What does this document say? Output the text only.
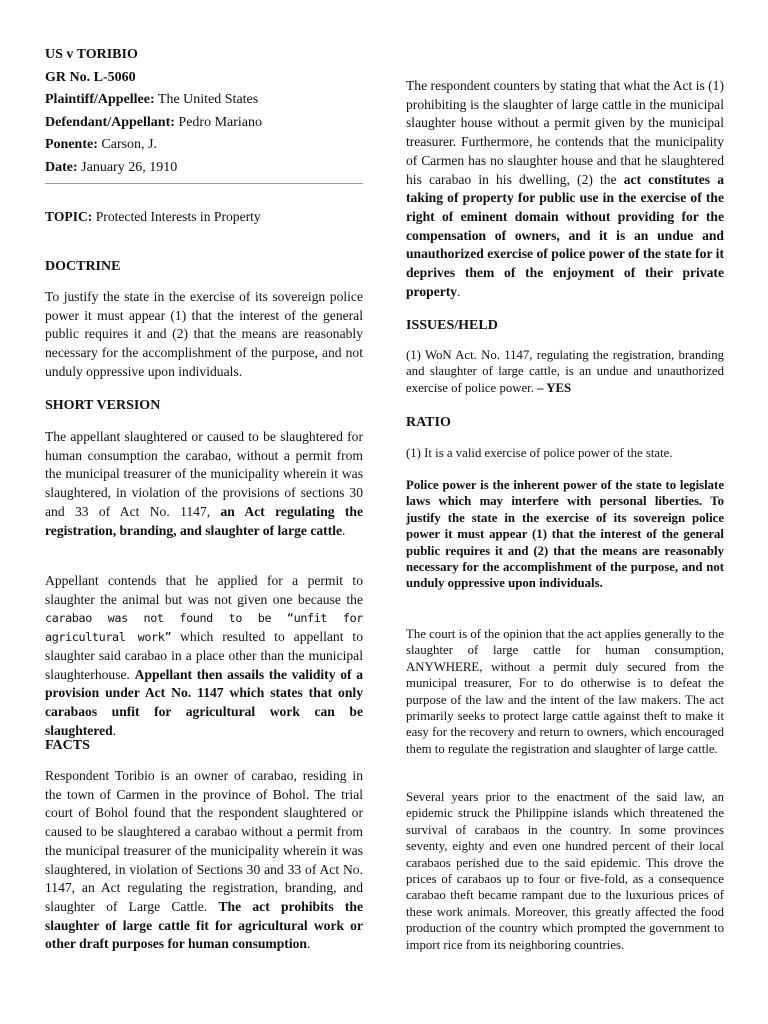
US v TORIBIO
GR No. L-5060
Plaintiff/Appellee: The United States
Defendant/Appellant: Pedro Mariano
Ponente: Carson, J.
Date: January 26, 1910

TOPIC: Protected Interests in Property

DOCTRINE

To justify the state in the exercise of its sovereign police power it must appear (1) that the interest of the general public requires it and (2) that the means are reasonably necessary for the accomplishment of the purpose, and not unduly oppressive upon individuals.

SHORT VERSION

The appellant slaughtered or caused to be slaughtered for human consumption the carabao, without a permit from the municipal treasurer of the municipality wherein it was slaughtered, in violation of the provisions of sections 30 and 33 of Act No. 1147, an Act regulating the registration, branding, and slaughter of large cattle.

Appellant contends that he applied for a permit to slaughter the animal but was not given one because the carabao was not found to be “unfit for agricultural work” which resulted to appellant to slaughter said carabao in a place other than the municipal slaughterhouse. Appellant then assails the validity of a provision under Act No. 1147 which states that only carabaos unfit for agricultural work can be slaughtered.

FACTS

Respondent Toribio is an owner of carabao, residing in the town of Carmen in the province of Bohol. The trial court of Bohol found that the respondent slaughtered or caused to be slaughtered a carabao without a permit from the municipal treasurer of the municipality wherein it was slaughtered, in violation of Sections 30 and 33 of Act No. 1147, an Act regulating the registration, branding, and slaughter of Large Cattle. The act prohibits the slaughter of large cattle fit for agricultural work or other draft purposes for human consumption.

The respondent counters by stating that what the Act is (1) prohibiting is the slaughter of large cattle in the municipal slaughter house without a permit given by the municipal treasurer. Furthermore, he contends that the municipality of Carmen has no slaughter house and that he slaughtered his carabao in his dwelling, (2) the act constitutes a taking of property for public use in the exercise of the right of eminent domain without providing for the compensation of owners, and it is an undue and unauthorized exercise of police power of the state for it deprives them of the enjoyment of their private property.

ISSUES/HELD

(1) WoN Act. No. 1147, regulating the registration, branding and slaughter of large cattle, is an undue and unauthorized exercise of police power. – YES

RATIO

(1) It is a valid exercise of police power of the state.

Police power is the inherent power of the state to legislate laws which may interfere with personal liberties. To justify the state in the exercise of its sovereign police power it must appear (1) that the interest of the general public requires it and (2) that the means are reasonably necessary for the accomplishment of the purpose, and not unduly oppressive upon individuals.

The court is of the opinion that the act applies generally to the slaughter of large cattle for human consumption, ANYWHERE, without a permit duly secured from the municipal treasurer, For to do otherwise is to defeat the purpose of the law and the intent of the law makers. The act primarily seeks to protect large cattle against theft to make it easy for the recovery and return to owners, which encouraged them to regulate the registration and slaughter of large cattle.

Several years prior to the enactment of the said law, an epidemic struck the Philippine islands which threatened the survival of carabaos in the country. In some provinces seventy, eighty and even one hundred percent of their local carabaos perished due to the said epidemic. This drove the prices of carabaos up to four or five-fold, as a consequence carabao theft became rampant due to the luxurious prices of these work animals. Moreover, this greatly affected the food production of the country which prompted the government to import rice from its neighboring countries.
